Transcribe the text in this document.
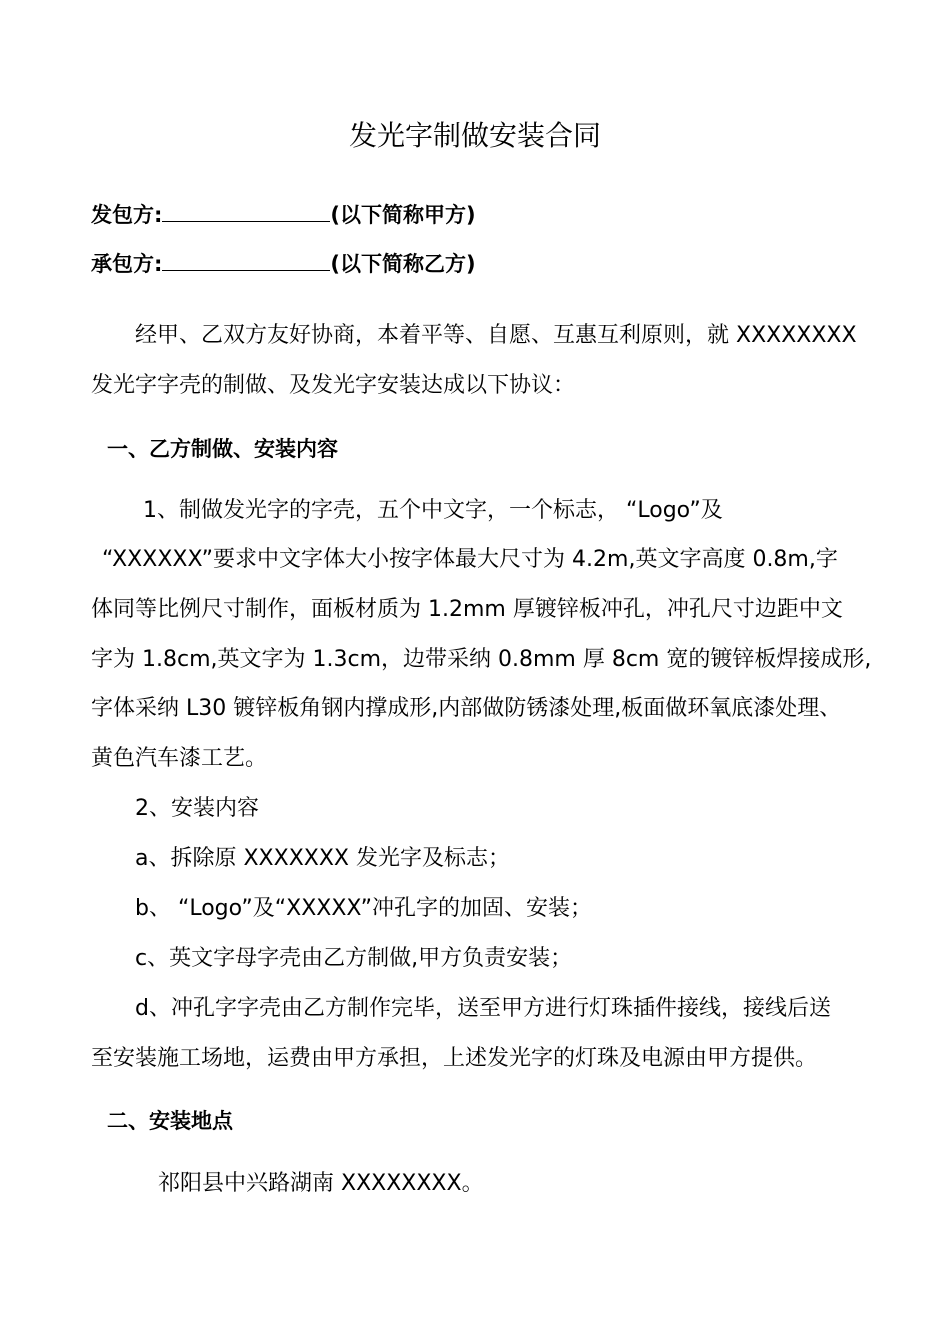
发光字制做安装合同
发包方:	(以下简称甲方)
承包方:	(以下简称乙方)
经甲、乙双方友好协商，本着平等、自愿、互惠互利原则，就 XXXXXXXX
发光字字壳的制做、及发光字安装达成以下协议：
一、乙方制做、安装内容
1、制做发光字的字壳，五个中文字，一个标志， “Logo”及
“XXXXXX”要求中文字体大小按字体最大尺寸为 4.2m,英文字高度 0.8m,字
体同等比例尺寸制作，面板材质为 1.2mm 厚镀锌板冲孔，冲孔尺寸边距中文
字为 1.8cm,英文字为 1.3cm，边带采纳 0.8mm 厚 8cm 宽的镀锌板焊接成形,
字体采纳 L30 镀锌板角钢内撑成形,内部做防锈漆处理,板面做环氧底漆处理、
黄色汽车漆工艺。
2、安装内容
a、拆除原 XXXXXXX 发光字及标志；
b、 “Logo”及“XXXXX”冲孔字的加固、安装；
c、英文字母字壳由乙方制做,甲方负责安装；
d、冲孔字字壳由乙方制作完毕，送至甲方进行灯珠插件接线，接线后送
至安装施工场地，运费由甲方承担，上述发光字的灯珠及电源由甲方提供。
二、安装地点
祁阳县中兴路湖南 XXXXXXXX。
